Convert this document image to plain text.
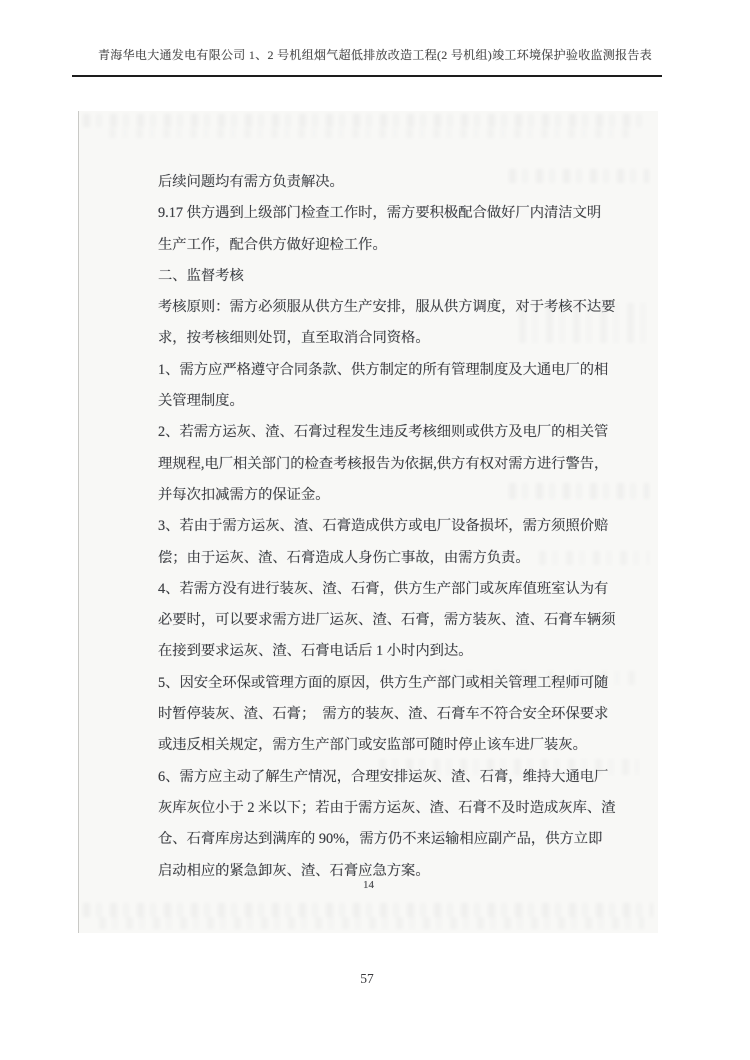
青海华电大通发电有限公司 1、2 号机组烟气超低排放改造工程(2 号机组)竣工环境保护验收监测报告表
后续问题均有需方负责解决。
9.17 供方遇到上级部门检查工作时，需方要积极配合做好厂内清洁文明
生产工作，配合供方做好迎检工作。
二、监督考核
考核原则：需方必须服从供方生产安排，服从供方调度，对于考核不达要
求，按考核细则处罚，直至取消合同资格。
1、需方应严格遵守合同条款、供方制定的所有管理制度及大通电厂的相
关管理制度。
2、若需方运灰、渣、石膏过程发生违反考核细则或供方及电厂的相关管
理规程,电厂相关部门的检查考核报告为依据,供方有权对需方进行警告，
并每次扣减需方的保证金。
3、若由于需方运灰、渣、石膏造成供方或电厂设备损坏，需方须照价赔
偿；由于运灰、渣、石膏造成人身伤亡事故，由需方负责。
4、若需方没有进行装灰、渣、石膏，供方生产部门或灰库值班室认为有
必要时，可以要求需方进厂运灰、渣、石膏，需方装灰、渣、石膏车辆须
在接到要求运灰、渣、石膏电话后 1 小时内到达。
5、因安全环保或管理方面的原因，供方生产部门或相关管理工程师可随
时暂停装灰、渣、石膏；　需方的装灰、渣、石膏车不符合安全环保要求
或违反相关规定，需方生产部门或安监部可随时停止该车进厂装灰。
6、需方应主动了解生产情况，合理安排运灰、渣、石膏，维持大通电厂
灰库灰位小于 2 米以下；若由于需方运灰、渣、石膏不及时造成灰库、渣
仓、石膏库房达到满库的 90%，需方仍不来运输相应副产品，供方立即
启动相应的紧急卸灰、渣、石膏应急方案。
14
57
